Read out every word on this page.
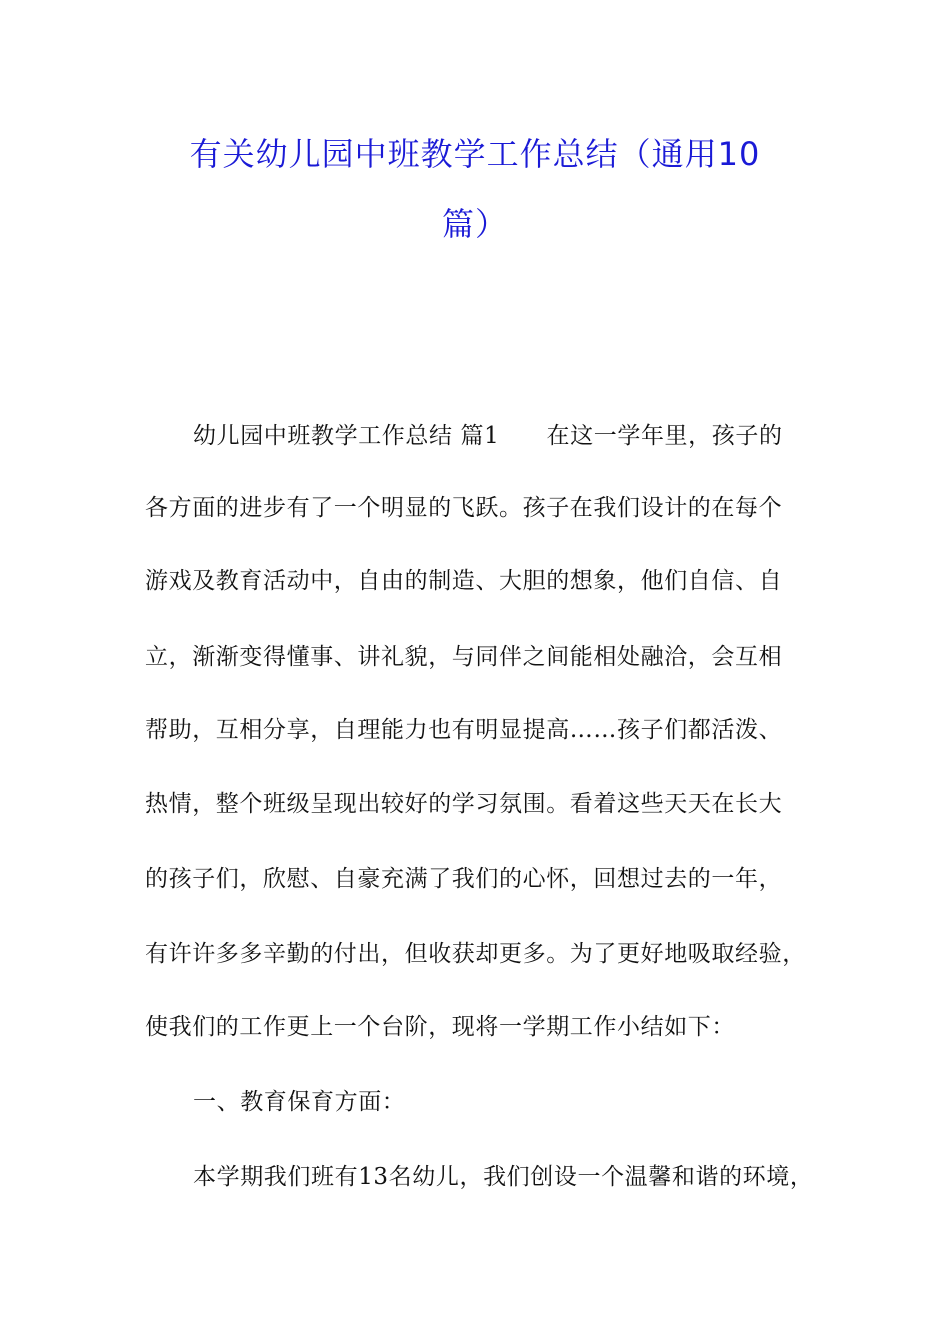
有关幼儿园中班教学工作总结（通用10
篇）
幼儿园中班教学工作总结 篇1　　在这一学年里，孩子的
各方面的进步有了一个明显的飞跃。孩子在我们设计的在每个
游戏及教育活动中，自由的制造、大胆的想象，他们自信、自
立，渐渐变得懂事、讲礼貌，与同伴之间能相处融洽，会互相
帮助，互相分享，自理能力也有明显提高……孩子们都活泼、
热情，整个班级呈现出较好的学习氛围。看着这些天天在长大
的孩子们，欣慰、自豪充满了我们的心怀，回想过去的一年，
有许许多多辛勤的付出，但收获却更多。为了更好地吸取经验，
使我们的工作更上一个台阶，现将一学期工作小结如下：
一、教育保育方面：
本学期我们班有13名幼儿，我们创设一个温馨和谐的环境，
